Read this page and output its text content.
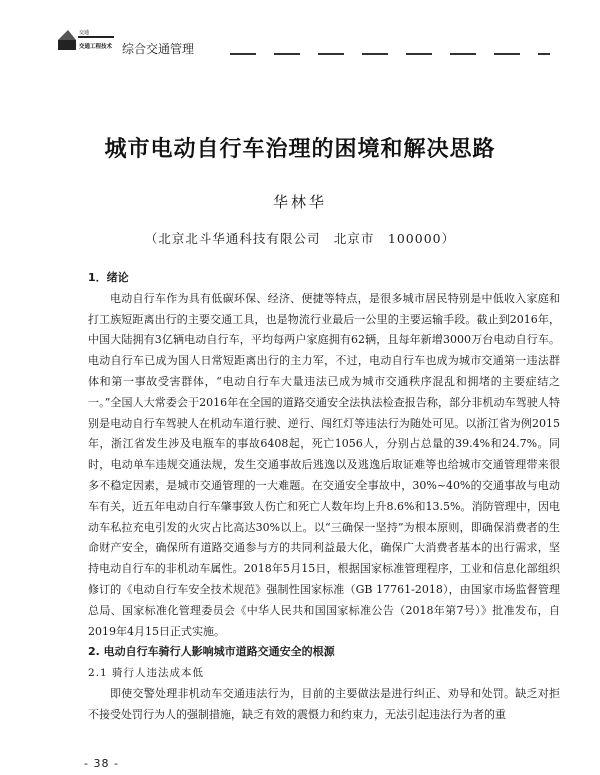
交通
交通工程技术 综合交通管理
城市电动自行车治理的困境和解决思路
华林华
（北京北斗华通科技有限公司　北京市　100000）
1．绪论

电动自行车作为具有低碳环保、经济、便捷等特点，是很多城市居民特别是中低收入家庭和打工族短距离出行的主要交通工具，也是物流行业最后一公里的主要运输手段。截止到2016年，中国大陆拥有3亿辆电动自行车，平均每两户家庭拥有62辆，且每年新增3000万台电动自行车。电动自行车已成为国人日常短距离出行的主力军，不过，电动自行车也成为城市交通第一违法群体和第一事故受害群体，“电动自行车大量违法已成为城市交通秩序混乱和拥堵的主要症结之一。”全国人大常委会于2016年在全国的道路交通安全法执法检查报告称，部分非机动车驾驶人特别是电动自行车驾驶人在机动车道行驶、逆行、闯红灯等违法行为随处可见。以浙江省为例2015年，浙江省发生涉及电瓶车的事故6408起，死亡1056人，分别占总量的39.4%和24.7%。同时，电动单车违规交通法规，发生交通事故后逃逸以及逃逸后取证难等也给城市交通管理带来很多不稳定因素，是城市交通管理的一大难题。在交通安全事故中，30%~40%的交通事故与电动车有关，近五年电动自行车肇事致人伤亡和死亡人数年均上升8.6%和13.5%。消防管理中，因电动车私拉充电引发的火灾占比高达30%以上。以“三确保一坚持”为根本原则，即确保消费者的生命财产安全，确保所有道路交通参与方的共同利益最大化，确保广大消费者基本的出行需求，坚持电动自行车的非机动车属性。2018年5月15日，根据国家标准管理程序，工业和信息化部组织修订的《电动自行车安全技术规范》强制性国家标准（GB 17761-2018），由国家市场监督管理总局、国家标准化管理委员会《中华人民共和国国家标准公告（2018年第7号）》批准发布，自2019年4月15日正式实施。

2. 电动自行车骑行人影响城市道路交通安全的根源
2.1 骑行人违法成本低

即使交警处理非机动车交通违法行为，目前的主要做法是进行纠正、劝导和处罚。缺乏对拒不接受处罚行为人的强制措施，缺乏有效的震慑力和约束力，无法引起违法行为者的重

- 38 -
